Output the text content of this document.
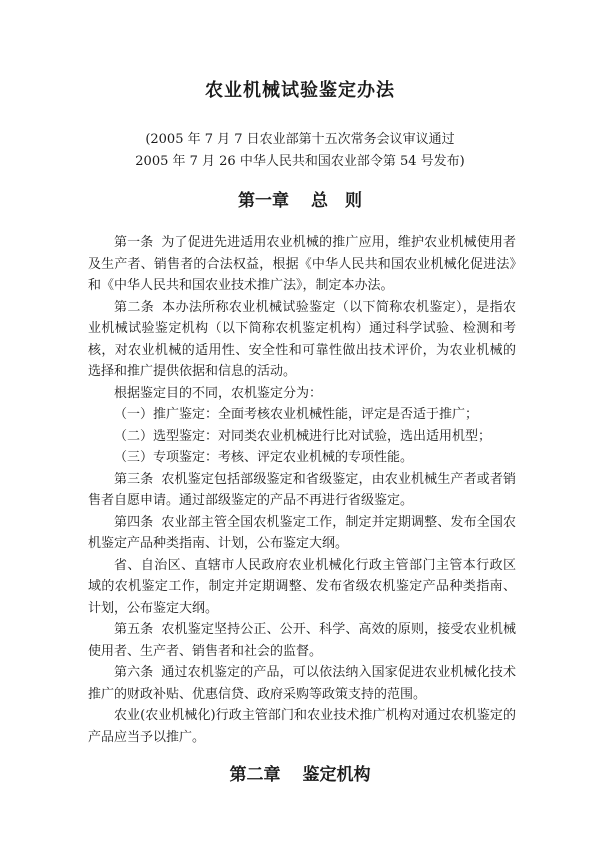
农业机械试验鉴定办法
(2005 年 7 月 7 日农业部第十五次常务会议审议通过
2005 年 7 月 26 中华人民共和国农业部令第 54 号发布)
第一章 总　则

第一条 为了促进先进适用农业机械的推广应用，维护农业机械使用者及生产者、销售者的合法权益，根据《中华人民共和国农业机械化促进法》和《中华人民共和国农业技术推广法》，制定本办法。

第二条 本办法所称农业机械试验鉴定（以下简称农机鉴定），是指农业机械试验鉴定机构（以下简称农机鉴定机构）通过科学试验、检测和考核，对农业机械的适用性、安全性和可靠性做出技术评价，为农业机械的选择和推广提供依据和信息的活动。

根据鉴定目的不同，农机鉴定分为：

（一）推广鉴定：全面考核农业机械性能，评定是否适于推广；

（二）选型鉴定：对同类农业机械进行比对试验，选出适用机型；

（三）专项鉴定：考核、评定农业机械的专项性能。

第三条 农机鉴定包括部级鉴定和省级鉴定，由农业机械生产者或者销售者自愿申请。通过部级鉴定的产品不再进行省级鉴定。

第四条 农业部主管全国农机鉴定工作，制定并定期调整、发布全国农机鉴定产品种类指南、计划，公布鉴定大纲。

省、自治区、直辖市人民政府农业机械化行政主管部门主管本行政区域的农机鉴定工作，制定并定期调整、发布省级农机鉴定产品种类指南、计划，公布鉴定大纲。

第五条 农机鉴定坚持公正、公开、科学、高效的原则，接受农业机械使用者、生产者、销售者和社会的监督。

第六条 通过农机鉴定的产品，可以依法纳入国家促进农业机械化技术推广的财政补贴、优惠信贷、政府采购等政策支持的范围。

农业(农业机械化)行政主管部门和农业技术推广机构对通过农机鉴定的产品应当予以推广。

第二章 鉴定机构
